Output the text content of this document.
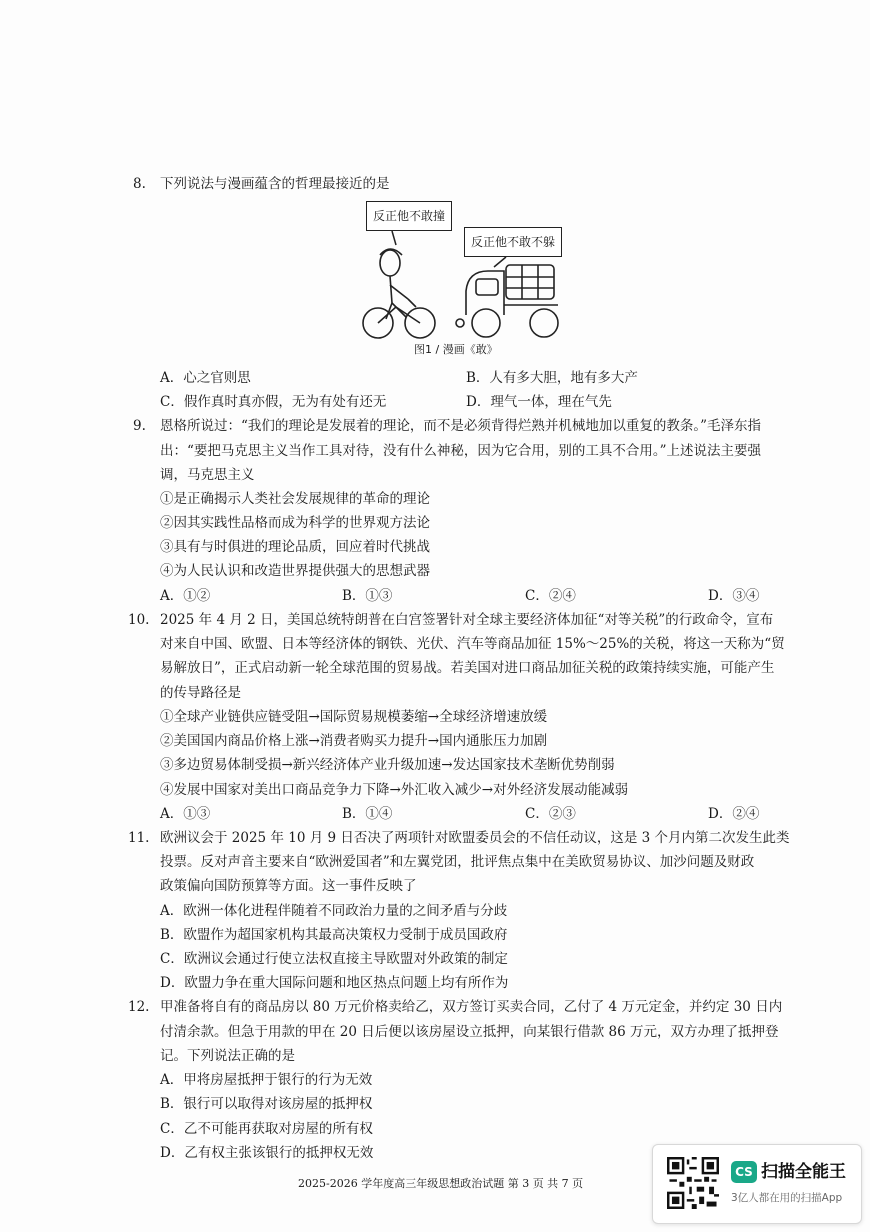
8. 下列说法与漫画蕴含的哲理最接近的是
反正他不敢撞
反正他不敢不躲
图1 / 漫画《敢》
A．心之官则思	B．人有多大胆，地有多大产
C．假作真时真亦假，无为有处有还无	D．理气一体，理在气先
9. 恩格所说过：“我们的理论是发展着的理论，而不是必须背得烂熟并机械地加以重复的教条。”毛泽东指
出：“要把马克思主义当作工具对待，没有什么神秘，因为它合用，别的工具不合用。”上述说法主要强
调，马克思主义
①是正确揭示人类社会发展规律的革命的理论
②因其实践性品格而成为科学的世界观方法论
③具有与时俱进的理论品质，回应着时代挑战
④为人民认识和改造世界提供强大的思想武器
A．①②	B．①③	C．②④	D．③④
10. 2025 年 4 月 2 日，美国总统特朗普在白宫签署针对全球主要经济体加征“对等关税”的行政命令，宣布
对来自中国、欧盟、日本等经济体的钢铁、光伏、汽车等商品加征 15%～25%的关税，将这一天称为“贸
易解放日”，正式启动新一轮全球范围的贸易战。若美国对进口商品加征关税的政策持续实施，可能产生
的传导路径是
①全球产业链供应链受阻→国际贸易规模萎缩→全球经济增速放缓
②美国国内商品价格上涨→消费者购买力提升→国内通胀压力加剧
③多边贸易体制受损→新兴经济体产业升级加速→发达国家技术垄断优势削弱
④发展中国家对美出口商品竞争力下降→外汇收入减少→对外经济发展动能减弱
A．①③	B．①④	C．②③	D．②④
11. 欧洲议会于 2025 年 10 月 9 日否决了两项针对欧盟委员会的不信任动议，这是 3 个月内第二次发生此类
投票。反对声音主要来自“欧洲爱国者”和左翼党团，批评焦点集中在美欧贸易协议、加沙问题及财政
政策偏向国防预算等方面。这一事件反映了
A．欧洲一体化进程伴随着不同政治力量的之间矛盾与分歧
B．欧盟作为超国家机构其最高决策权力受制于成员国政府
C．欧洲议会通过行使立法权直接主导欧盟对外政策的制定
D．欧盟力争在重大国际问题和地区热点问题上均有所作为
12. 甲准备将自有的商品房以 80 万元价格卖给乙，双方签订买卖合同，乙付了 4 万元定金，并约定 30 日内
付清余款。但急于用款的甲在 20 日后便以该房屋设立抵押，向某银行借款 86 万元，双方办理了抵押登
记。下列说法正确的是
A．甲将房屋抵押于银行的行为无效
B．银行可以取得对该房屋的抵押权
C．乙不可能再获取对房屋的所有权
D．乙有权主张该银行的抵押权无效
2025-2026 学年度高三年级思想政治试题 第 3 页 共 7 页
CS 扫描全能王
3亿人都在用的扫描App
